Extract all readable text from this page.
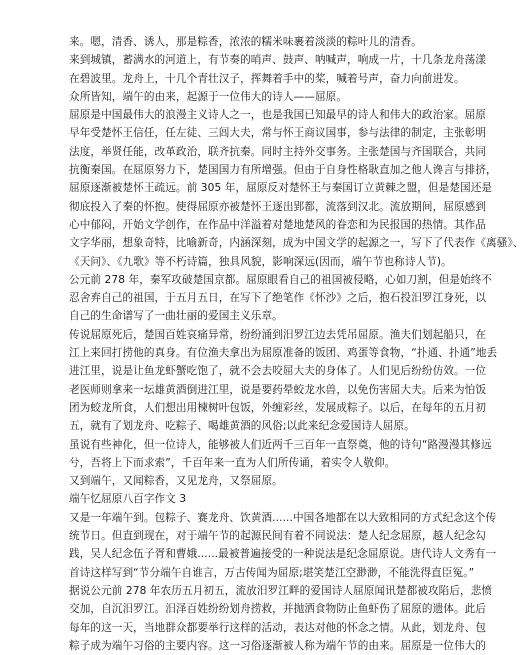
来。嗯，清香、诱人，那是粽香，浓浓的糯米味裹着淡淡的粽叶儿的清香。
来到城镇，蓄满水的河道上，有节奏的哨声、鼓声、呐喊声，响成一片，十几条龙舟荡漾
在碧波里。龙舟上，十几个青壮汉子，挥舞着手中的桨，喊着号声，奋力向前进发。
众所皆知，端午的由来，起源于一位伟大的诗人——屈原。
屈原是中国最伟大的浪漫主义诗人之一，也是我国已知最早的诗人和伟大的政治家。屈原
早年受楚怀王信任，任左徒、三闾大夫，常与怀王商议国事，参与法律的制定，主张彰明
法度，举贤任能，改革政治，联齐抗秦。同时主持外交事务。主张楚国与齐国联合，共同
抗衡秦国。在屈原努力下，楚国国力有所增强。但由于自身性格耿直加之他人谗言与排挤，
屈原逐渐被楚怀王疏远。前 305 年，屈原反对楚怀王与秦国订立黄棘之盟，但是楚国还是
彻底投入了秦的怀抱。使得屈原亦被楚怀王逐出郢都，流落到汉北。流放期间，屈原感到
心中郁闷，开始文学创作，在作品中洋溢着对楚地楚风的眷恋和为民报国的热情。其作品
文字华丽，想象奇特，比喻新奇，内涵深刻，成为中国文学的起源之一，写下了代表作《离骚》、
《天问》、《九歌》等不朽诗篇，独具风貌，影响深远(因而，端午节也称诗人节)。
公元前 278 年，秦军攻破楚国京都。屈原眼看自己的祖国被侵略，心如刀割，但是始终不
忍舍弃自己的祖国，于五月五日，在写下了绝笔作《怀沙》之后，抱石投汨罗江身死，以
自己的生命谱写了一曲壮丽的爱国主义乐章。
传说屈原死后，楚国百姓哀痛异常，纷纷涌到汨罗江边去凭吊屈原。渔夫们划起船只，在
江上来回打捞他的真身。有位渔夫拿出为屈原准备的饭团、鸡蛋等食物，“扑通、扑通”地丢
进江里，说是让鱼龙虾蟹吃饱了，就不会去咬屈大夫的身体了。人们见后纷纷仿效。一位
老医师则拿来一坛雄黄酒倒进江里，说是要药晕蛟龙水兽，以免伤害屈大夫。后来为怕饭
团为蛟龙所食，人们想出用楝树叶包饭，外缠彩丝，发展成粽子。以后，在每年的五月初
五，就有了划龙舟、吃粽子、喝雄黄酒的风俗;以此来纪念爱国诗人屈原。
虽说有些神化，但一位诗人，能够被人们近两千三百年一直祭奠，他的诗句“路漫漫其修远
兮，吾将上下而求索”，千百年来一直为人们所传诵，着实令人敬仰。
又到端午，又闻粽香，又见龙舟，又祭屈原。
端午忆屈原八百字作文 3
又是一年端午到。包粽子、赛龙舟、饮黄酒......中国各地都在以大致相同的方式纪念这个传
统节日。但直到现在，对于端午节的起源民间有着不同说法：楚人纪念屈原，越人纪念勾
践，吴人纪念伍子胥和曹娥......最被普遍接受的一种说法是纪念屈原说。唐代诗人文秀有一
首诗这样写到“节分端午自谁言，万古传闻为屈原;堪笑楚江空渺渺，不能洗得直臣冤。”
据说公元前 278 年农历五月初五，流放汨罗江畔的爱国诗人屈原闻讯楚都被攻陷后，悲愤
交加，自沉汨罗江。汨泽百姓纷纷划舟捞救，并抛洒食物防止鱼虾伤了屈原的遗体。此后
每年的这一天，当地群众都要举行这样的活动，表达对他的怀念之情。从此，划龙舟、包
粽子成为端午习俗的主要内容。这一习俗逐渐被人称为端午节的由来。屈原是一位伟大的
